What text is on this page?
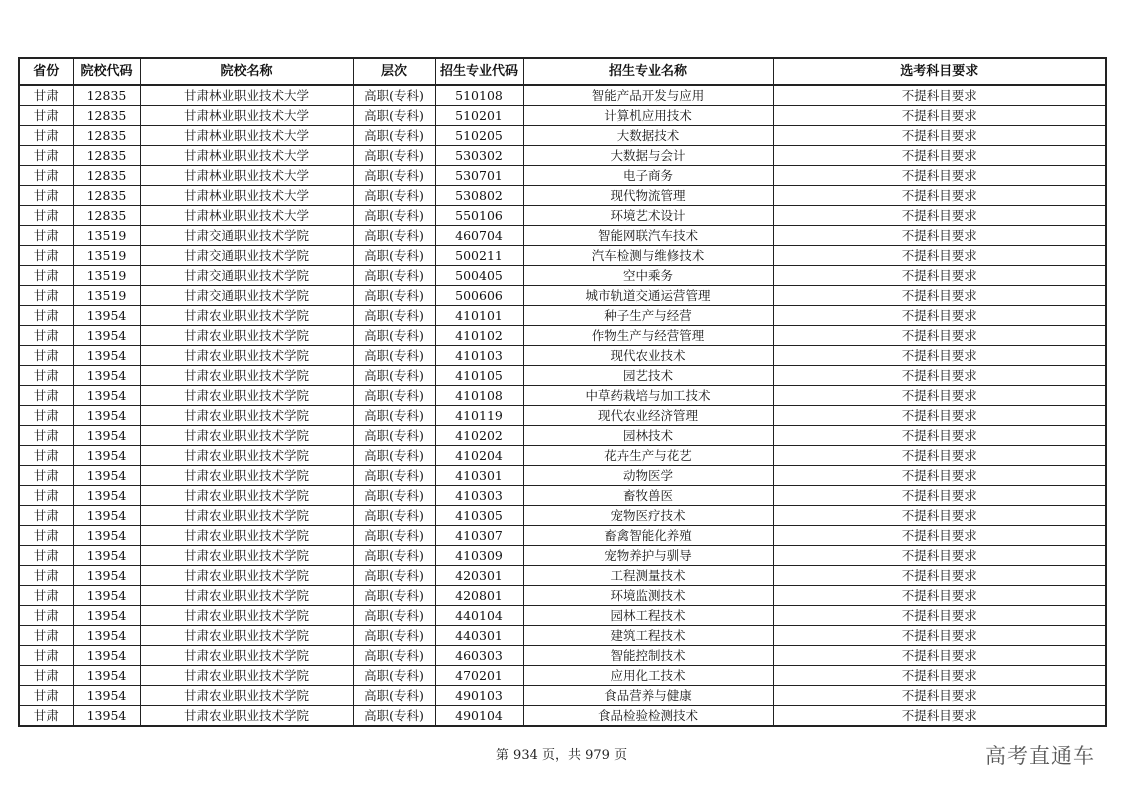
省份	院校代码	院校名称	层次	招生专业代码	招生专业名称	选考科目要求
甘肃	12835	甘肃林业职业技术大学	高职(专科)	510108	智能产品开发与应用	不提科目要求
甘肃	12835	甘肃林业职业技术大学	高职(专科)	510201	计算机应用技术	不提科目要求
甘肃	12835	甘肃林业职业技术大学	高职(专科)	510205	大数据技术	不提科目要求
甘肃	12835	甘肃林业职业技术大学	高职(专科)	530302	大数据与会计	不提科目要求
甘肃	12835	甘肃林业职业技术大学	高职(专科)	530701	电子商务	不提科目要求
甘肃	12835	甘肃林业职业技术大学	高职(专科)	530802	现代物流管理	不提科目要求
甘肃	12835	甘肃林业职业技术大学	高职(专科)	550106	环境艺术设计	不提科目要求
甘肃	13519	甘肃交通职业技术学院	高职(专科)	460704	智能网联汽车技术	不提科目要求
甘肃	13519	甘肃交通职业技术学院	高职(专科)	500211	汽车检测与维修技术	不提科目要求
甘肃	13519	甘肃交通职业技术学院	高职(专科)	500405	空中乘务	不提科目要求
甘肃	13519	甘肃交通职业技术学院	高职(专科)	500606	城市轨道交通运营管理	不提科目要求
甘肃	13954	甘肃农业职业技术学院	高职(专科)	410101	种子生产与经营	不提科目要求
甘肃	13954	甘肃农业职业技术学院	高职(专科)	410102	作物生产与经营管理	不提科目要求
甘肃	13954	甘肃农业职业技术学院	高职(专科)	410103	现代农业技术	不提科目要求
甘肃	13954	甘肃农业职业技术学院	高职(专科)	410105	园艺技术	不提科目要求
甘肃	13954	甘肃农业职业技术学院	高职(专科)	410108	中草药栽培与加工技术	不提科目要求
甘肃	13954	甘肃农业职业技术学院	高职(专科)	410119	现代农业经济管理	不提科目要求
甘肃	13954	甘肃农业职业技术学院	高职(专科)	410202	园林技术	不提科目要求
甘肃	13954	甘肃农业职业技术学院	高职(专科)	410204	花卉生产与花艺	不提科目要求
甘肃	13954	甘肃农业职业技术学院	高职(专科)	410301	动物医学	不提科目要求
甘肃	13954	甘肃农业职业技术学院	高职(专科)	410303	畜牧兽医	不提科目要求
甘肃	13954	甘肃农业职业技术学院	高职(专科)	410305	宠物医疗技术	不提科目要求
甘肃	13954	甘肃农业职业技术学院	高职(专科)	410307	畜禽智能化养殖	不提科目要求
甘肃	13954	甘肃农业职业技术学院	高职(专科)	410309	宠物养护与驯导	不提科目要求
甘肃	13954	甘肃农业职业技术学院	高职(专科)	420301	工程测量技术	不提科目要求
甘肃	13954	甘肃农业职业技术学院	高职(专科)	420801	环境监测技术	不提科目要求
甘肃	13954	甘肃农业职业技术学院	高职(专科)	440104	园林工程技术	不提科目要求
甘肃	13954	甘肃农业职业技术学院	高职(专科)	440301	建筑工程技术	不提科目要求
甘肃	13954	甘肃农业职业技术学院	高职(专科)	460303	智能控制技术	不提科目要求
甘肃	13954	甘肃农业职业技术学院	高职(专科)	470201	应用化工技术	不提科目要求
甘肃	13954	甘肃农业职业技术学院	高职(专科)	490103	食品营养与健康	不提科目要求
甘肃	13954	甘肃农业职业技术学院	高职(专科)	490104	食品检验检测技术	不提科目要求
第 934 页，共 979 页	高考直通车
